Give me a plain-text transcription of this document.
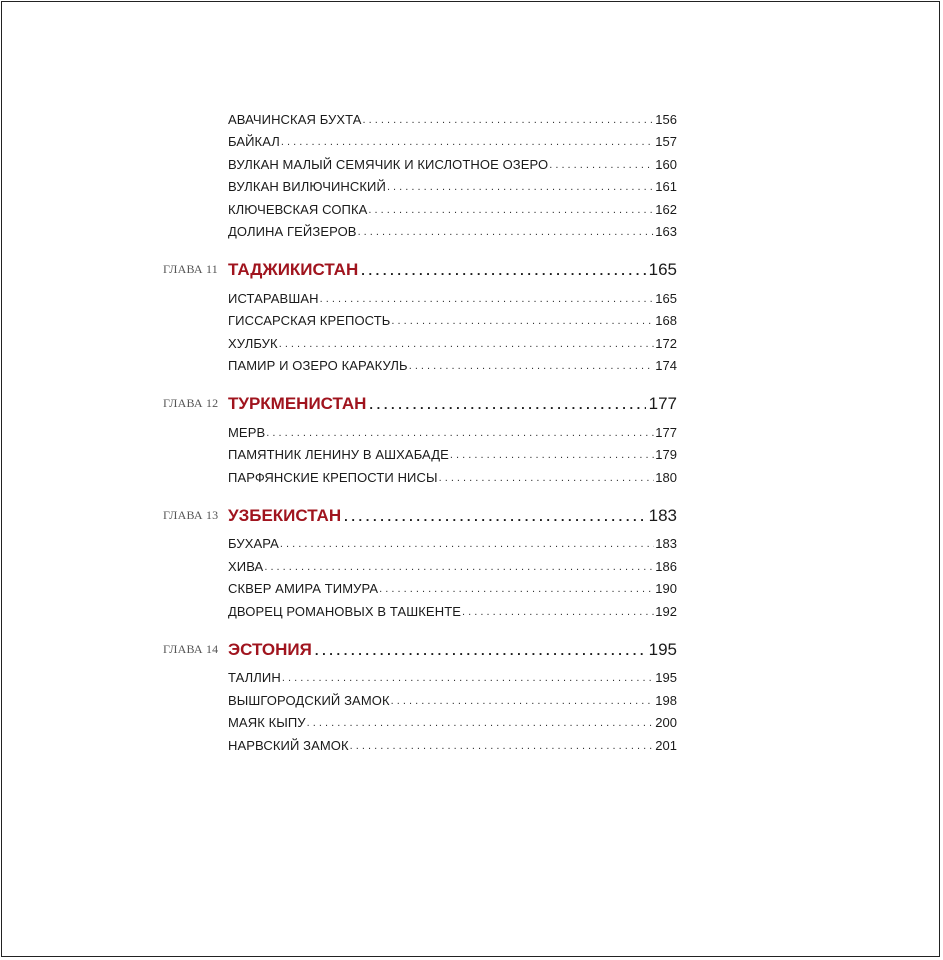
АВАЧИНСКАЯ БУХТА . . .	156
БАЙКАЛ . . .	157
ВУЛКАН МАЛЫЙ СЕМЯЧИК И КИСЛОТНОЕ ОЗЕРО . . .	160
ВУЛКАН ВИЛЮЧИНСКИЙ . . .	161
КЛЮЧЕВСКАЯ СОПКА . . .	162
ДОЛИНА ГЕЙЗЕРОВ . . .	163
ГЛАВА 11 ТАДЖИКИСТАН . . .	165
ИСТАРАВШАН . . .	165
ГИССАРСКАЯ КРЕПОСТЬ . . .	168
ХУЛБУК . . .	172
ПАМИР И ОЗЕРО КАРАКУЛЬ . . .	174
ГЛАВА 12 ТУРКМЕНИСТАН . . .	177
МЕРВ . . .	177
ПАМЯТНИК ЛЕНИНУ В АШХАБАДЕ . . .	179
ПАРФЯНСКИЕ КРЕПОСТИ НИСЫ . . .	180
ГЛАВА 13 УЗБЕКИСТАН . . .	183
БУХАРА . . .	183
ХИВА . . .	186
СКВЕР АМИРА ТИМУРА . . .	190
ДВОРЕЦ РОМАНОВЫХ В ТАШКЕНТЕ . . .	192
ГЛАВА 14 ЭСТОНИЯ . . .	195
ТАЛЛИН . . .	195
ВЫШГОРОДСКИЙ ЗАМОК . . .	198
МАЯК КЫПУ . . .	200
НАРВСКИЙ ЗАМОК . . .	201
